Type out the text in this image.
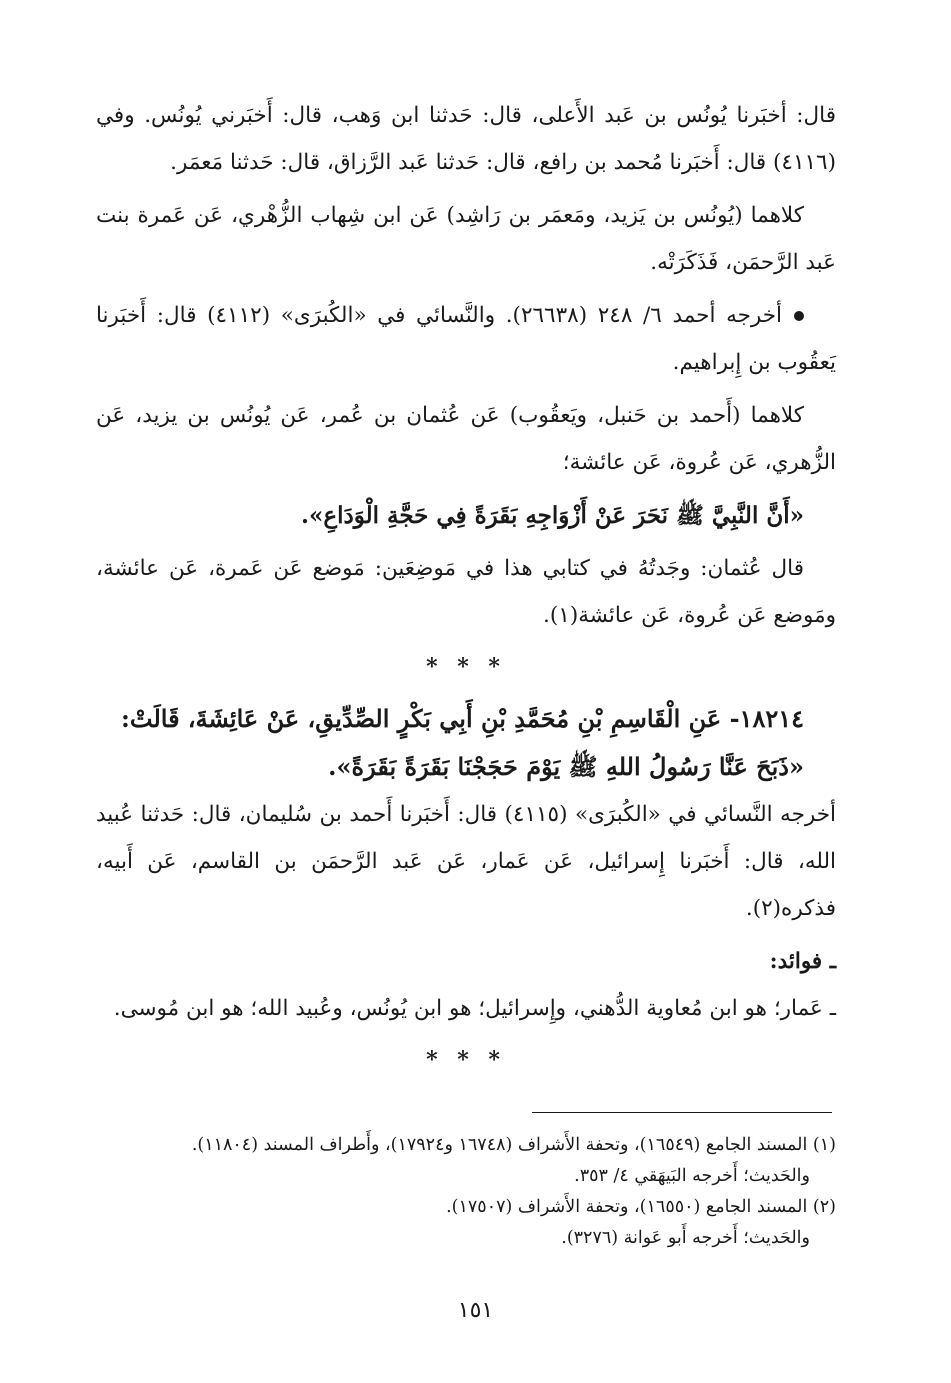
قال: أخبَرنا يُونُس بن عَبد الأَعلى، قال: حَدثنا ابن وَهب، قال: أَخبَرني يُونُس. وفي (٤١١٦) قال: أَخبَرنا مُحمد بن رافع، قال: حَدثنا عَبد الرَّزاق، قال: حَدثنا مَعمَر.

كلاهما (يُونُس بن يَزيد، ومَعمَر بن رَاشِد) عَن ابن شِهاب الزُّهْري، عَن عَمرة بنت عَبد الرَّحمَن، فَذَكَرَتْه.

أخرجه أحمد ٦/ ٢٤٨ (٢٦٦٣٨). والنَّسائي في «الكُبرَى» (٤١١٢) قال: أَخبَرنا يَعقُوب بن إِبراهيم.

كلاهما (أَحمد بن حَنبل، ويَعقُوب) عَن عُثمان بن عُمر، عَن يُونُس بن يزيد، عَن الزُّهري، عَن عُروة، عَن عائشة؛

«أَنَّ النَّبِيَّ ﷺ نَحَرَ عَنْ أَزْوَاجِهِ بَقَرَةً فِي حَجَّةِ الْوَدَاعِ».

قال عُثمان: وجَدتُهُ في كتابي هذا في مَوضِعَين: مَوضع عَن عَمرة، عَن عائشة، ومَوضع عَن عُروة، عَن عائشة(١).

* * *

١٨٢١٤- عَنِ الْقَاسِمِ بْنِ مُحَمَّدِ بْنِ أَبِي بَكْرٍ الصِّدِّيقِ، عَنْ عَائِشَةَ، قَالَتْ:

«ذَبَحَ عَنَّا رَسُولُ اللهِ ﷺ يَوْمَ حَجَجْنَا بَقَرَةً بَقَرَةً».

أخرجه النَّسائي في «الكُبرَى» (٤١١٥) قال: أَخبَرنا أَحمد بن سُليمان، قال: حَدثنا عُبيد الله، قال: أَخبَرنا إِسرائيل، عَن عَمار، عَن عَبد الرَّحمَن بن القاسم، عَن أَبيه، فذكره(٢).

ـ فوائد:

ـ عَمار؛ هو ابن مُعاوية الدُّهني، وإِسرائيل؛ هو ابن يُونُس، وعُبيد الله؛ هو ابن مُوسى.

* * *

(١) المسند الجامع (١٦٥٤٩)، وتحفة الأَشراف (١٦٧٤٨ و١٧٩٢٤)، وأَطراف المسند (١١٨٠٤).

والحَديث؛ أَخرجه البَيهَقي ٤/ ٣٥٣.

(٢) المسند الجامع (١٦٥٥٠)، وتحفة الأَشراف (١٧٥٠٧).

والحَديث؛ أَخرجه أَبو عَوانة (٣٢٧٦).

١٥١
